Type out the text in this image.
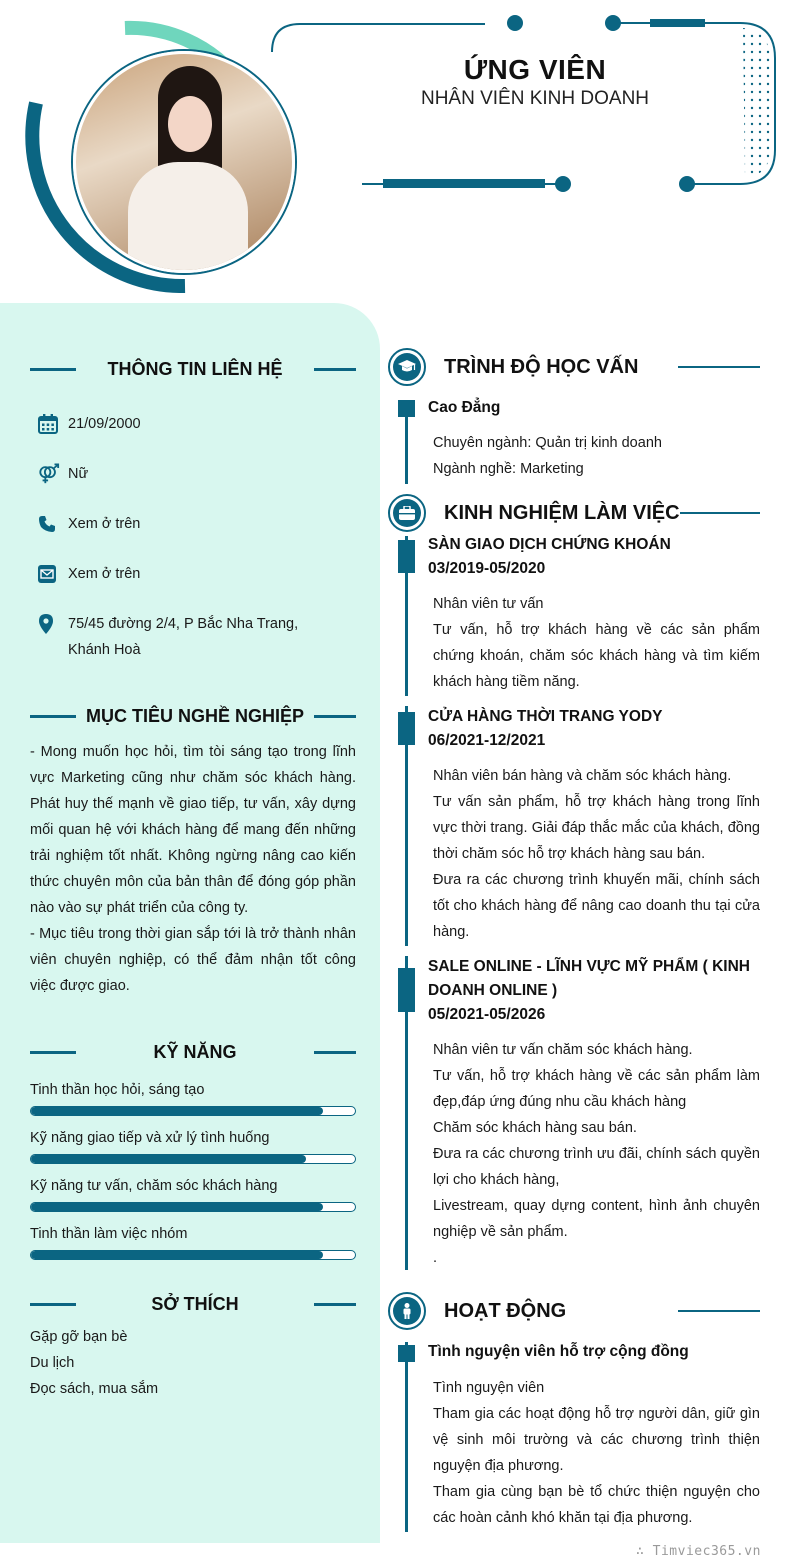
ỨNG VIÊN
NHÂN VIÊN KINH DOANH
THÔNG TIN LIÊN HỆ
21/09/2000
Nữ
Xem ở trên
Xem ở trên
75/45 đường 2/4, P Bắc Nha Trang, Khánh Hoà
MỤC TIÊU NGHỀ NGHIỆP

- Mong muốn học hỏi, tìm tòi sáng tạo trong lĩnh vực Marketing cũng như chăm sóc khách hàng. Phát huy thế mạnh về giao tiếp, tư vấn, xây dựng mối quan hệ với khách hàng để mang đến những trải nghiệm tốt nhất. Không ngừng nâng cao kiến thức chuyên môn của bản thân để đóng góp phần nào vào sự phát triển của công ty.

- Mục tiêu trong thời gian sắp tới là trở thành nhân viên chuyên nghiệp, có thể đảm nhận tốt công việc được giao.

KỸ NĂNG
Tinh thần học hỏi, sáng tạo
Kỹ năng giao tiếp và xử lý tình huống
Kỹ năng tư vấn, chăm sóc khách hàng
Tinh thần làm việc nhóm
SỞ THÍCH
Gặp gỡ bạn bè
Du lịch
Đọc sách, mua sắm
TRÌNH ĐỘ HỌC VẤN
Cao Đẳng

Chuyên ngành: Quản trị kinh doanh

Ngành nghề: Marketing

KINH NGHIỆM LÀM VIỆC
SÀN GIAO DỊCH CHỨNG KHOÁN
03/2019-05/2020

Nhân viên tư vấn

Tư vấn, hỗ trợ khách hàng về các sản phẩm chứng khoán, chăm sóc khách hàng và tìm kiếm khách hàng tiềm năng.

CỬA HÀNG THỜI TRANG YODY
06/2021-12/2021

Nhân viên bán hàng và chăm sóc khách hàng.

Tư vấn sản phẩm, hỗ trợ khách hàng trong lĩnh vực thời trang. Giải đáp thắc mắc của khách, đồng thời chăm sóc hỗ trợ khách hàng sau bán.

Đưa ra các chương trình khuyến mãi, chính sách tốt cho khách hàng để nâng cao doanh thu tại cửa hàng.

SALE ONLINE - LĨNH VỰC MỸ PHẨM ( KINH DOANH ONLINE )
05/2021-05/2026

Nhân viên tư vấn chăm sóc khách hàng.

Tư vấn, hỗ trợ khách hàng về các sản phẩm làm đẹp,đáp ứng đúng nhu cầu khách hàng

Chăm sóc khách hàng sau bán.

Đưa ra các chương trình ưu đãi, chính sách quyền lợi cho khách hàng,

Livestream, quay dựng content, hình ảnh chuyên nghiệp về sản phẩm.

.

HOẠT ĐỘNG
Tình nguyện viên hỗ trợ cộng đồng

Tình nguyện viên

Tham gia các hoạt động hỗ trợ người dân, giữ gìn vệ sinh môi trường và các chương trình thiện nguyện địa phương.

Tham gia cùng bạn bè tổ chức thiện nguyện cho các hoàn cảnh khó khăn tại địa phương.

∴ Timviec365.vn
